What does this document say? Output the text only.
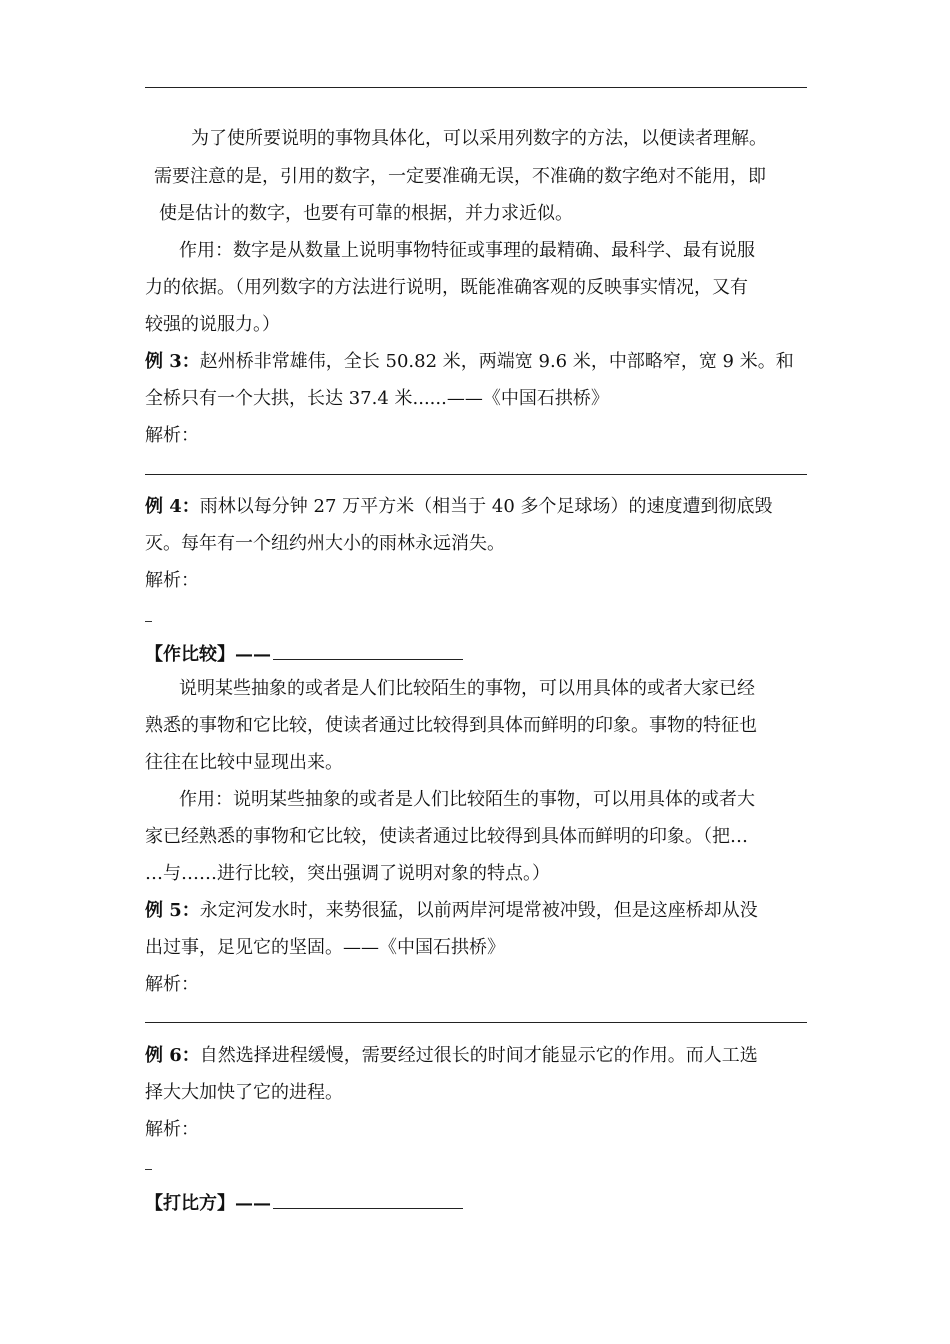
为了使所要说明的事物具体化，可以采用列数字的方法，以便读者理解。
需要注意的是，引用的数字，一定要准确无误，不准确的数字绝对不能用，即
使是估计的数字，也要有可靠的根据，并力求近似。
作用：数字是从数量上说明事物特征或事理的最精确、最科学、最有说服
力的依据。（用列数字的方法进行说明，既能准确客观的反映事实情况，又有
较强的说服力。）
例 3：赵州桥非常雄伟，全长 50.82 米，两端宽 9.6 米，中部略窄，宽 9 米。和
全桥只有一个大拱，长达 37.4 米......——《中国石拱桥》
解析：
例 4：雨林以每分钟 27 万平方米（相当于 40 多个足球场）的速度遭到彻底毁
灭。每年有一个纽约州大小的雨林永远消失。
解析：
【作比较】——
说明某些抽象的或者是人们比较陌生的事物，可以用具体的或者大家已经
熟悉的事物和它比较，使读者通过比较得到具体而鲜明的印象。事物的特征也
往往在比较中显现出来。
作用：说明某些抽象的或者是人们比较陌生的事物，可以用具体的或者大
家已经熟悉的事物和它比较，使读者通过比较得到具体而鲜明的印象。（把…
…与……进行比较，突出强调了说明对象的特点。）
例 5：永定河发水时，来势很猛，以前两岸河堤常被冲毁，但是这座桥却从没
出过事，足见它的坚固。——《中国石拱桥》
解析：
例 6：自然选择进程缓慢，需要经过很长的时间才能显示它的作用。而人工选
择大大加快了它的进程。
解析：
【打比方】——
